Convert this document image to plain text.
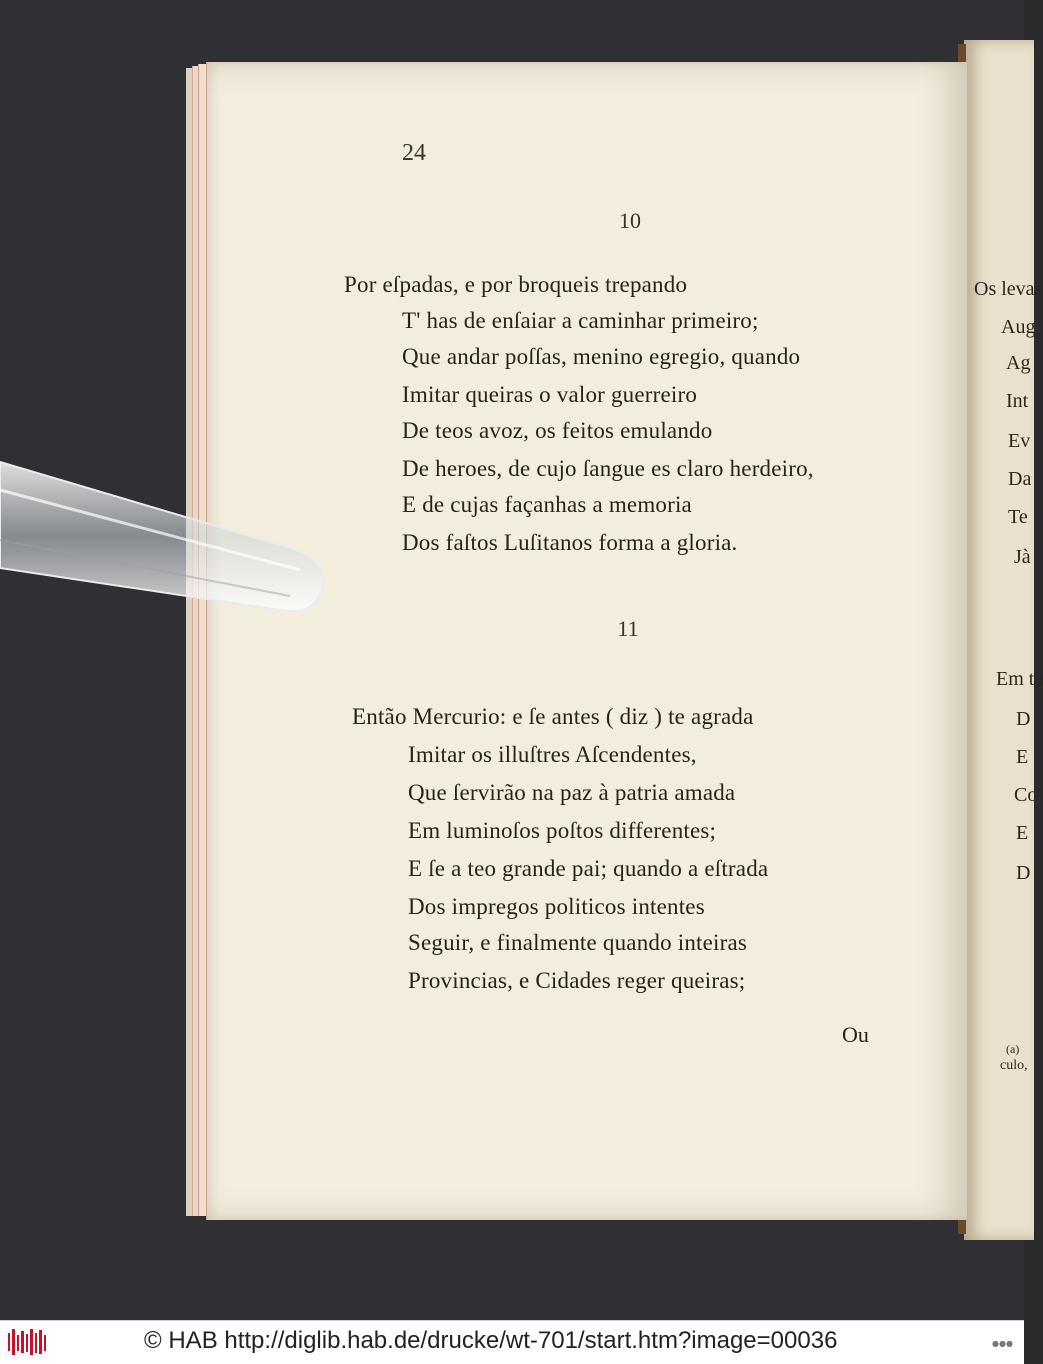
Os levar
Aug
Ag
Int
Ev
Da
Te
Jà
Em ta
D
E
Co
E
D
(a)
culo,
24
10
Por eſpadas, e por broqueis trepando
T' has de enſaiar a caminhar primeiro;
Que andar poſſas, menino egregio, quando
Imitar queiras o valor guerreiro
De teos avoz, os feitos emulando
De heroes, de cujo ſangue es claro herdeiro,
E de cujas façanhas a memoria
Dos faſtos Luſitanos forma a gloria.
11
Então Mercurio: e ſe antes ( diz ) te agrada
Imitar os illuſtres Aſcendentes,
Que ſervirão na paz à patria amada
Em luminoſos poſtos differentes;
E ſe a teo grande pai; quando a eſtrada
Dos impregos politicos intentes
Seguir, e finalmente quando inteiras
Provincias, e Cidades reger queiras;
Ou
© HAB http://diglib.hab.de/drucke/wt-701/start.htm?image=00036	●●●
